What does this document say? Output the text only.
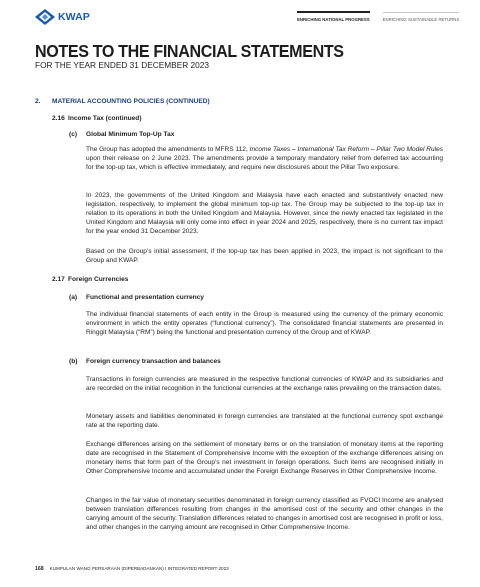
KWAP	ENRICHING NATIONAL PROGRESS	ENRICHING SUSTAINABLE RETURNS
NOTES TO THE FINANCIAL STATEMENTS
FOR THE YEAR ENDED 31 DECEMBER 2023
2. MATERIAL ACCOUNTING POLICIES (CONTINUED)
2.16 Income Tax (continued)
(c) Global Minimum Top-Up Tax

The Group has adopted the amendments to MFRS 112, Income Taxes – International Tax Reform – Pillar Two Model Rules upon their release on 2 June 2023. The amendments provide a temporary mandatory relief from deferred tax accounting for the top-up tax, which is effective immediately, and require new disclosures about the Pillar Two exposure.

In 2023, the governments of the United Kingdom and Malaysia have each enacted and substantively enacted new legislation, respectively, to implement the global minimum top-up tax. The Group may be subjected to the top-up tax in relation to its operations in both the United Kingdom and Malaysia. However, since the newly enacted tax legislated in the United Kingdom and Malaysia will only come into effect in year 2024 and 2025, respectively, there is no current tax impact for the year ended 31 December 2023.

Based on the Group’s initial assessment, if the top-up tax has been applied in 2023, the impact is not significant to the Group and KWAP.

2.17 Foreign Currencies
(a) Functional and presentation currency

The individual financial statements of each entity in the Group is measured using the currency of the primary economic environment in which the entity operates (“functional currency”). The consolidated financial statements are presented in Ringgit Malaysia (“RM”) being the functional and presentation currency of the Group and of KWAP.

(b) Foreign currency transaction and balances

Transactions in foreign currencies are measured in the respective functional currencies of KWAP and its subsidiaries and are recorded on the initial recognition in the functional currencies at the exchange rates prevailing on the transaction dates.

Monetary assets and liabilities denominated in foreign currencies are translated at the functional currency spot exchange rate at the reporting date.

Exchange differences arising on the settlement of monetary items or on the translation of monetary items at the reporting date are recognised in the Statement of Comprehensive Income with the exception of the exchange differences arising on monetary items that form part of the Group’s net investment in foreign operations. Such items are recognised initially in Other Comprehensive Income and accumulated under the Foreign Exchange Reserves in Other Comprehensive Income.

Changes in the fair value of monetary securities denominated in foreign currency classified as FVOCI Income are analysed between translation differences resulting from changes in the amortised cost of the security and other changes in the carrying amount of the security. Translation differences related to changes in amortised cost are recognised in profit or loss, and other changes in the carrying amount are recognised in Other Comprehensive Income.

168 KUMPULAN WANG PERSARAAN (DIPERBADANKAN) I INTEGRATED REPORT 2023
